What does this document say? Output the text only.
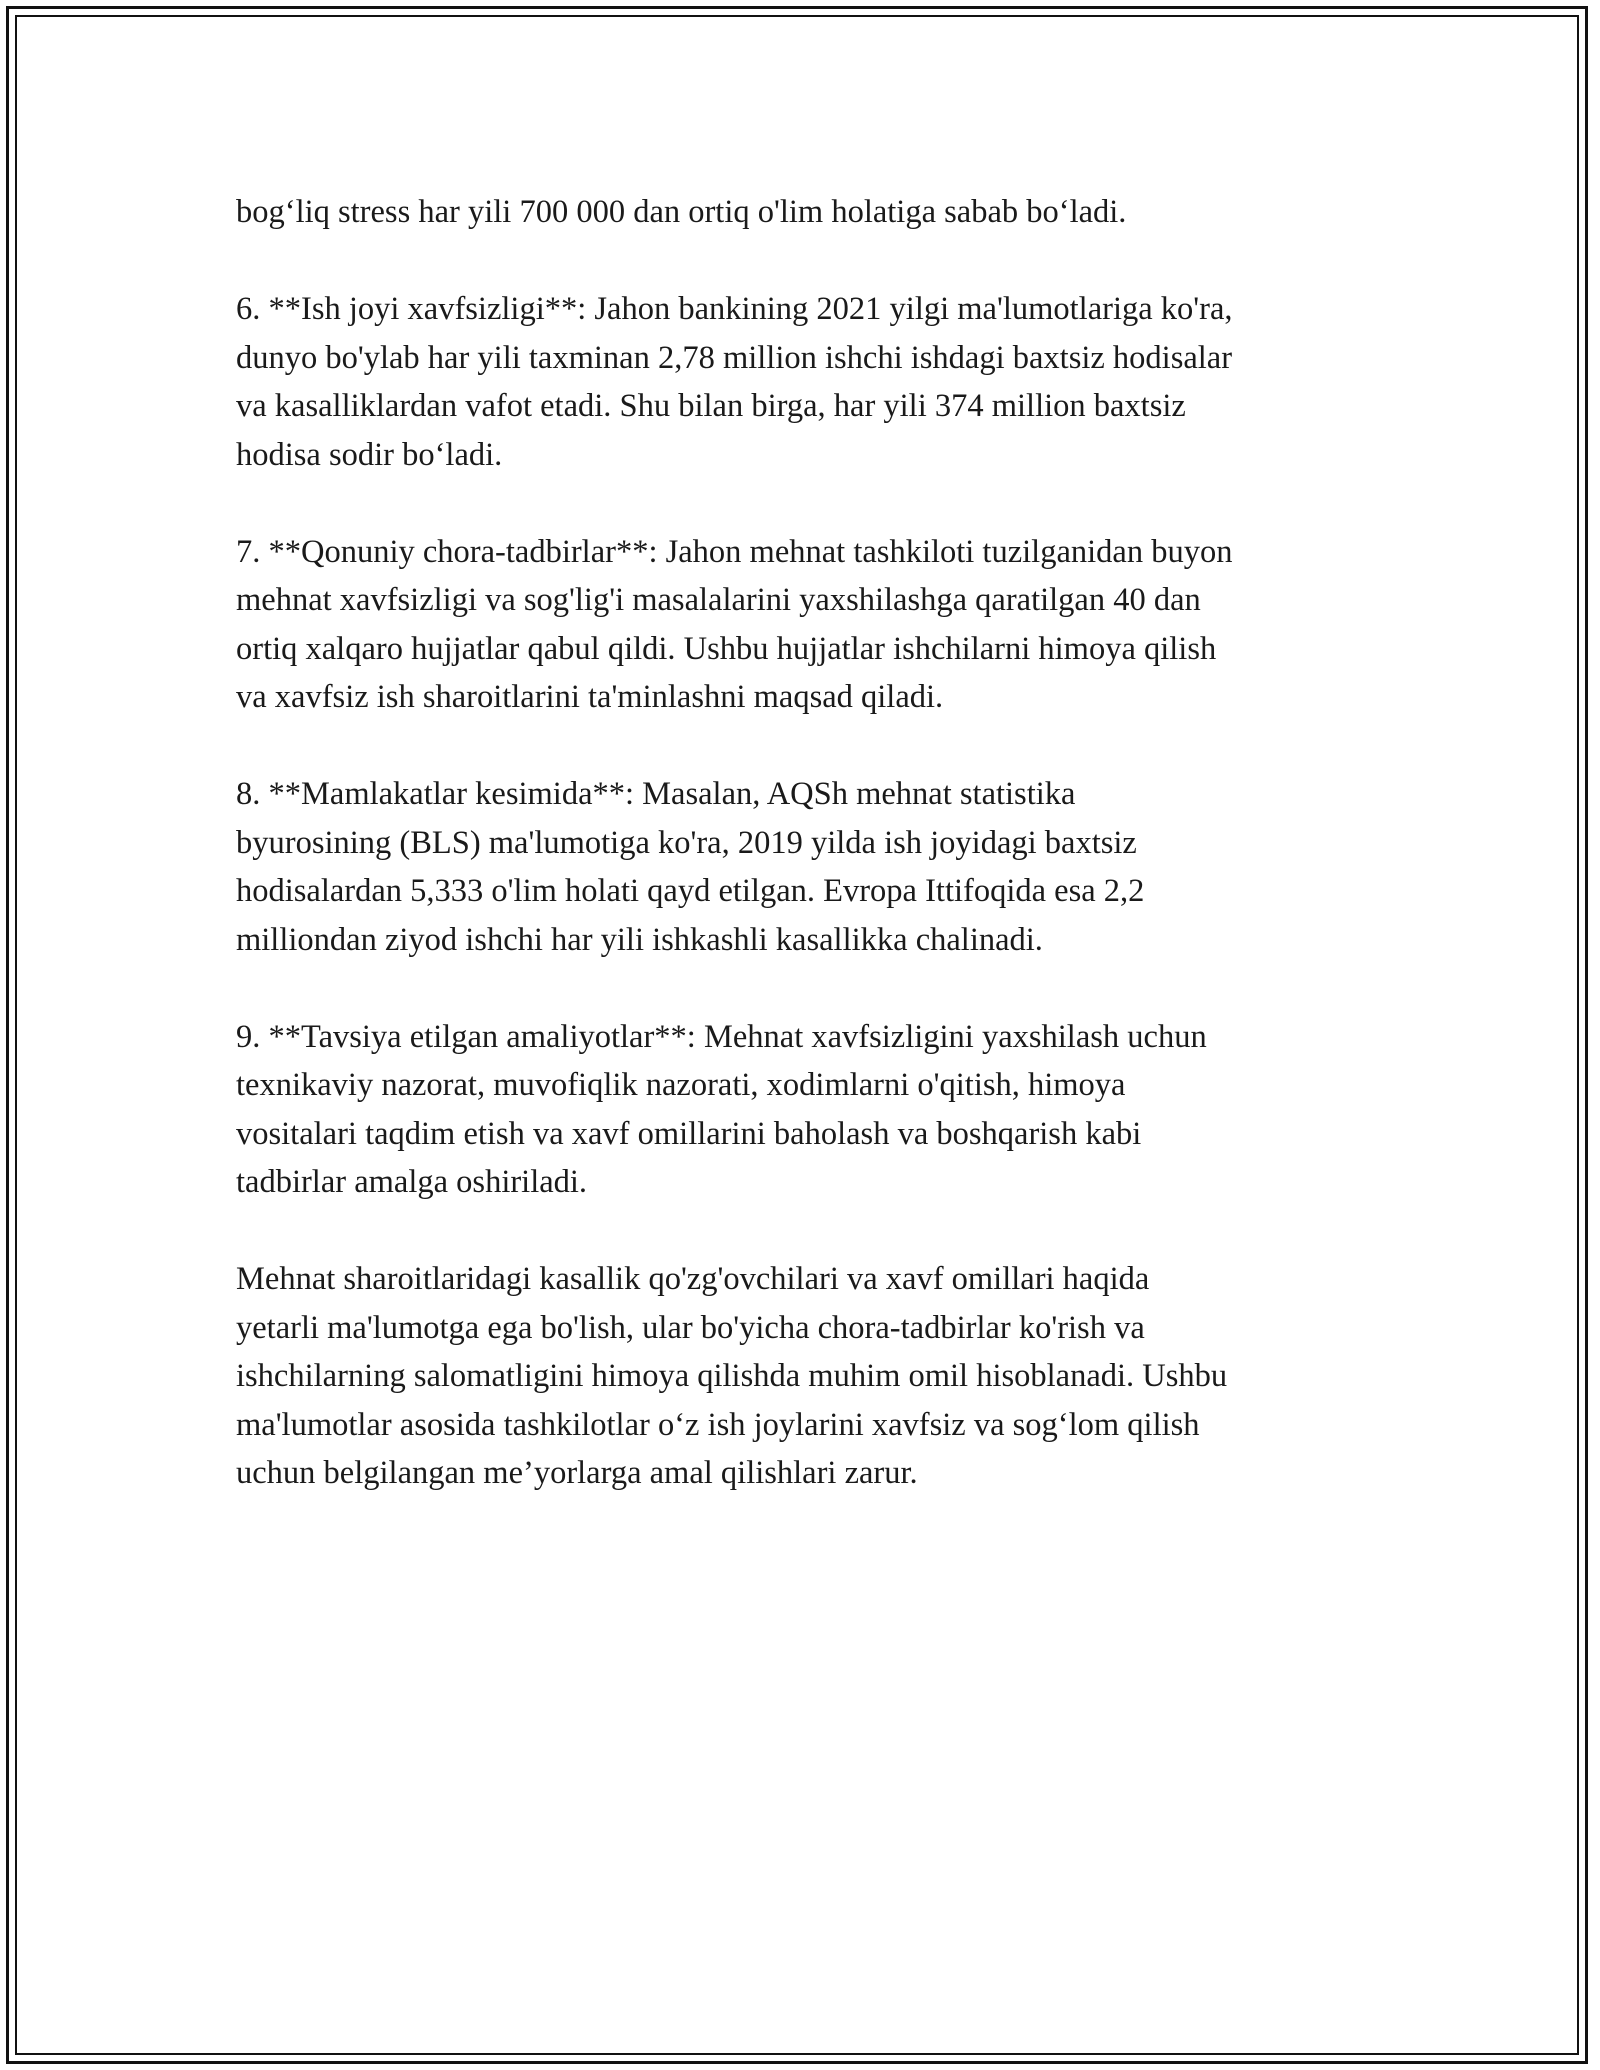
bog‘liq stress har yili 700 000 dan ortiq o'lim holatiga sabab bo‘ladi.

6. **Ish joyi xavfsizligi**: Jahon bankining 2021 yilgi ma'lumotlariga ko'ra,
dunyo bo'ylab har yili taxminan 2,78 million ishchi ishdagi baxtsiz hodisalar
va kasalliklardan vafot etadi. Shu bilan birga, har yili 374 million baxtsiz
hodisa sodir bo‘ladi.

7. **Qonuniy chora-tadbirlar**: Jahon mehnat tashkiloti tuzilganidan buyon
mehnat xavfsizligi va sog'lig'i masalalarini yaxshilashga qaratilgan 40 dan
ortiq xalqaro hujjatlar qabul qildi. Ushbu hujjatlar ishchilarni himoya qilish
va xavfsiz ish sharoitlarini ta'minlashni maqsad qiladi.

8. **Mamlakatlar kesimida**: Masalan, AQSh mehnat statistika
byurosining (BLS) ma'lumotiga ko'ra, 2019 yilda ish joyidagi baxtsiz
hodisalardan 5,333 o'lim holati qayd etilgan. Evropa Ittifoqida esa 2,2
milliondan ziyod ishchi har yili ishkashli kasallikka chalinadi.

9. **Tavsiya etilgan amaliyotlar**: Mehnat xavfsizligini yaxshilash uchun
texnikaviy nazorat, muvofiqlik nazorati, xodimlarni o'qitish, himoya
vositalari taqdim etish va xavf omillarini baholash va boshqarish kabi
tadbirlar amalga oshiriladi.

Mehnat sharoitlaridagi kasallik qo'zg'ovchilari va xavf omillari haqida
yetarli ma'lumotga ega bo'lish, ular bo'yicha chora-tadbirlar ko'rish va
ishchilarning salomatligini himoya qilishda muhim omil hisoblanadi. Ushbu
ma'lumotlar asosida tashkilotlar o‘z ish joylarini xavfsiz va sog‘lom qilish
uchun belgilangan me’yorlarga amal qilishlari zarur.
